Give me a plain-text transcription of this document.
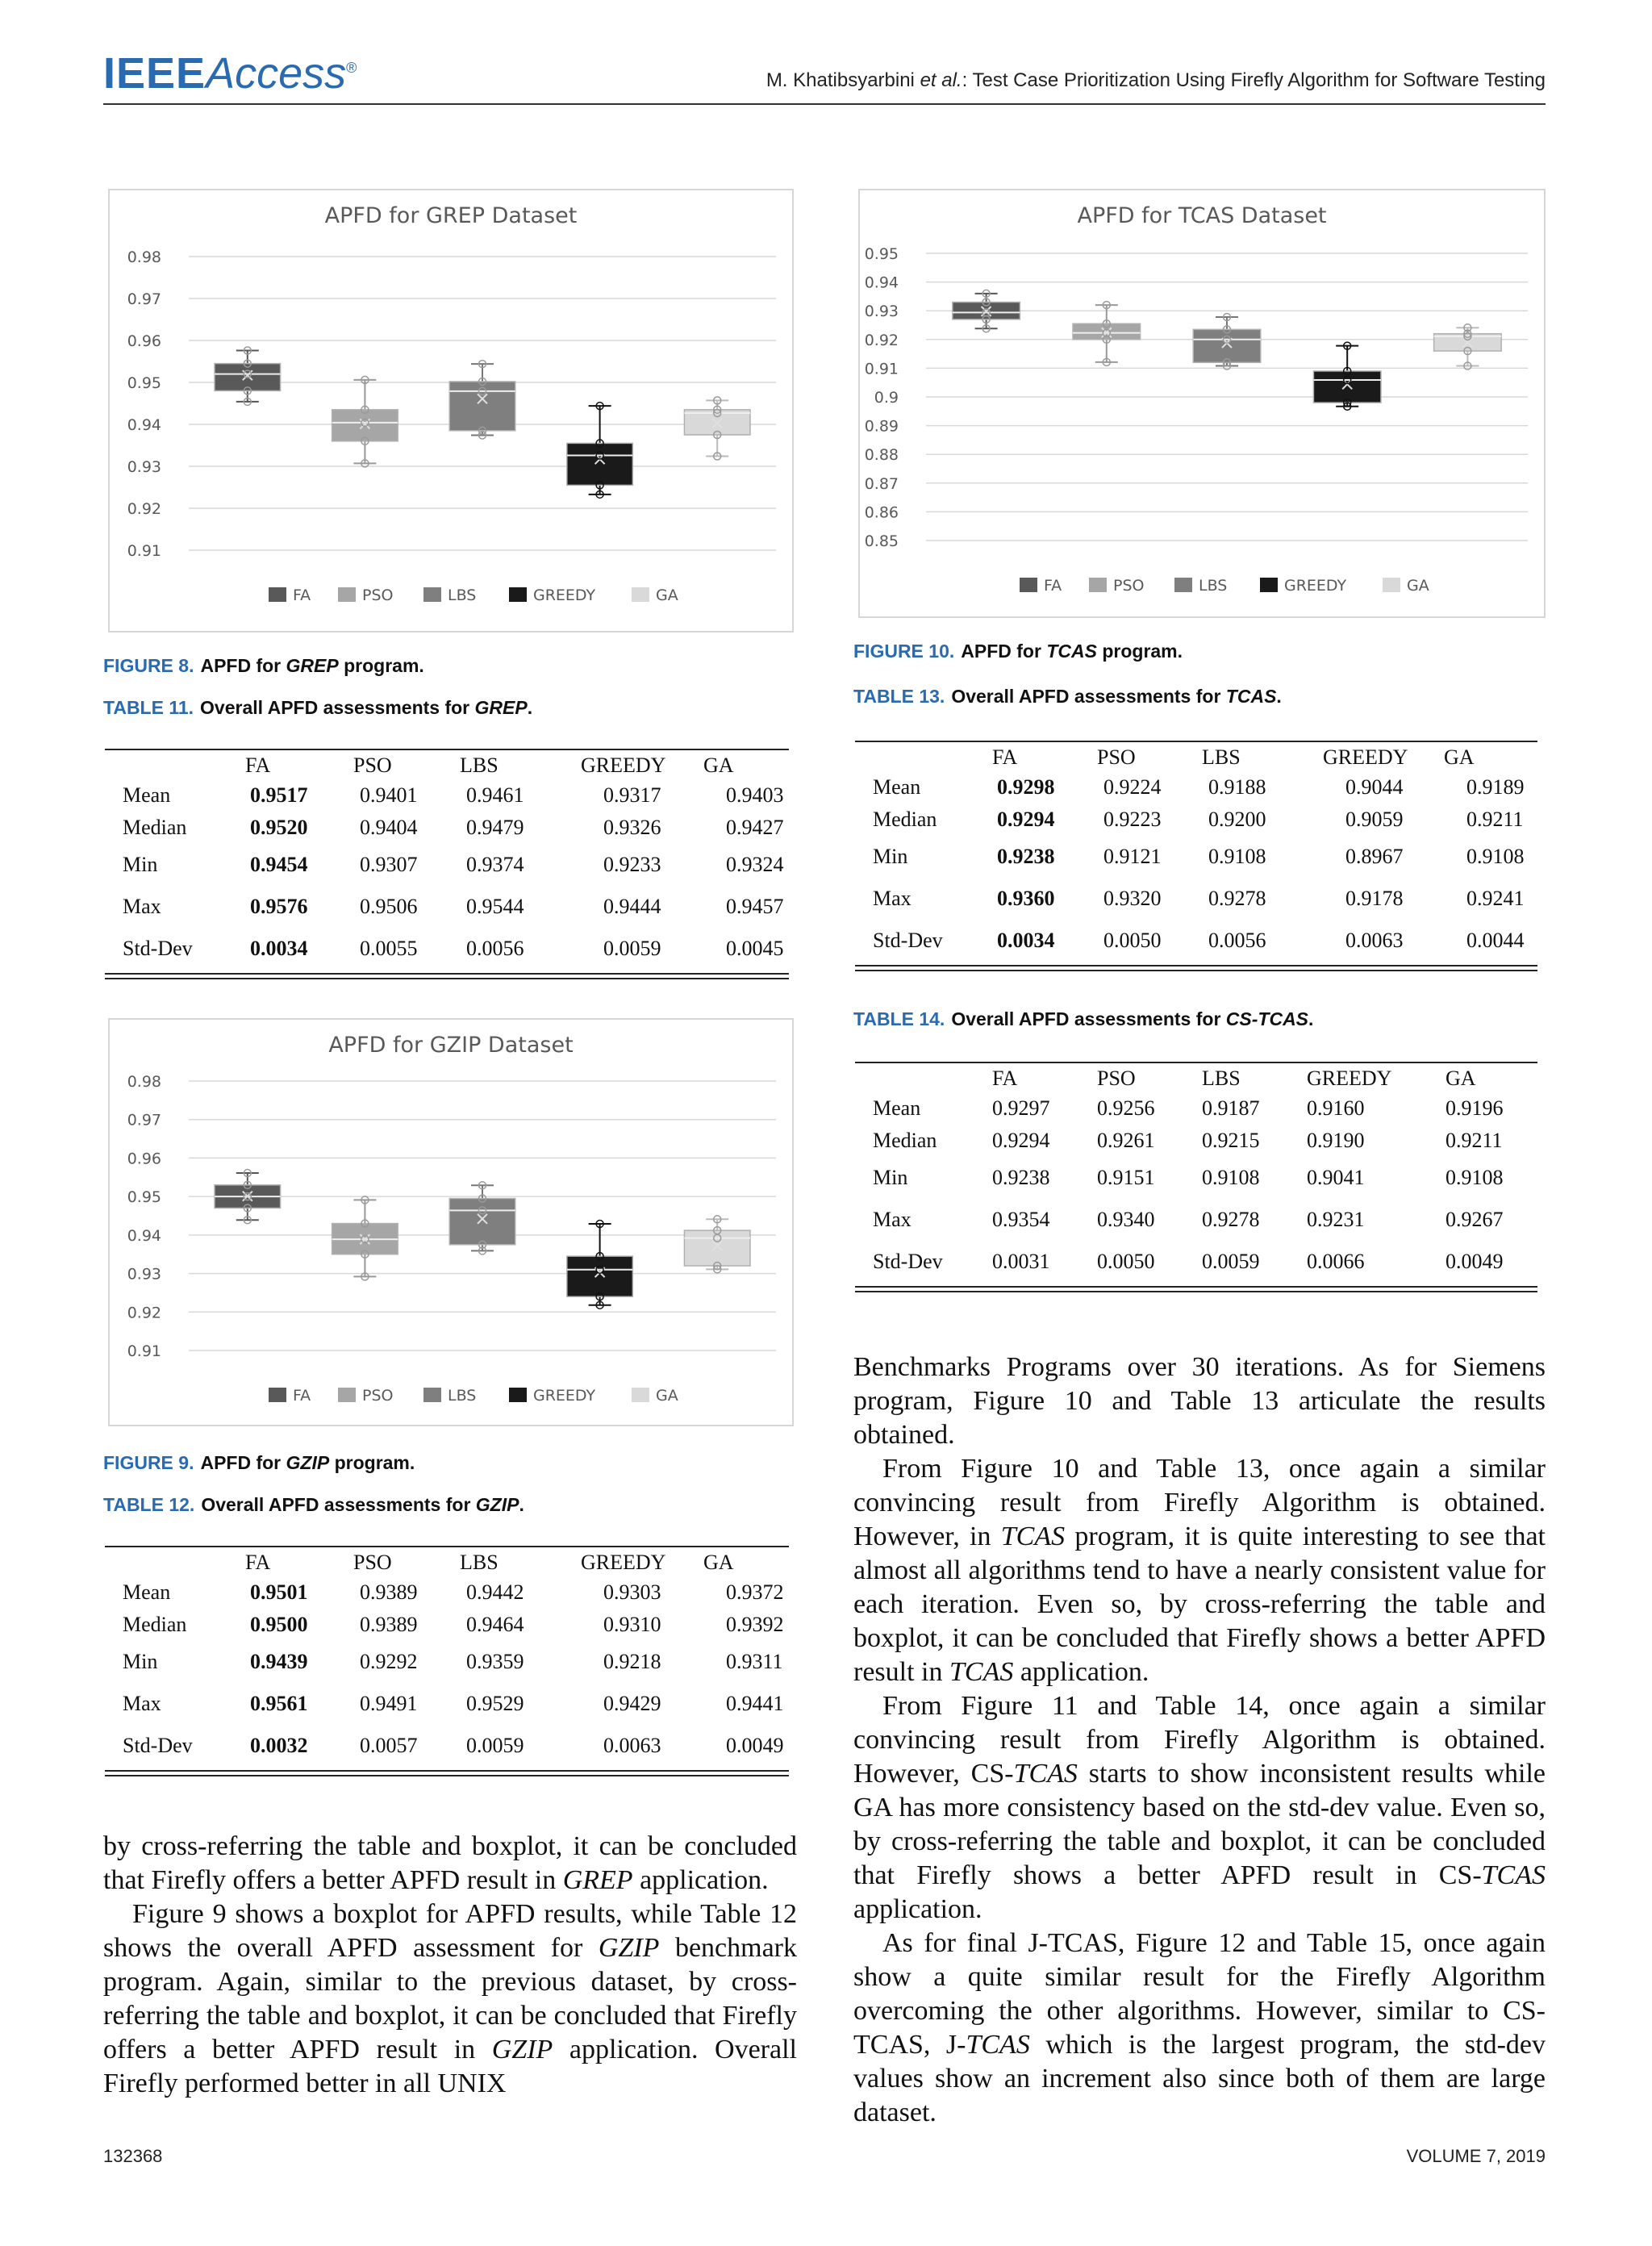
IEEEAccess®
M. Khatibsyarbini et al.: Test Case Prioritization Using Firefly Algorithm for Software Testing
APFD for GREP Dataset
0.98
0.97
0.96
0.95
0.94
0.93
0.92
0.91
FA	PSO	LBS	GREEDY	GA
FIGURE 8. APFD for GREP program.
TABLE 11. Overall APFD assessments for GREP.
	FA	PSO	LBS	GREEDY	GA
Mean	0.9517	0.9401	0.9461	0.9317	0.9403
Median	0.9520	0.9404	0.9479	0.9326	0.9427
Min	0.9454	0.9307	0.9374	0.9233	0.9324
Max	0.9576	0.9506	0.9544	0.9444	0.9457
Std-Dev	0.0034	0.0055	0.0056	0.0059	0.0045
APFD for GZIP Dataset
0.98
0.97
0.96
0.95
0.94
0.93
0.92
0.91
FA	PSO	LBS	GREEDY	GA
FIGURE 9. APFD for GZIP program.
TABLE 12. Overall APFD assessments for GZIP.
	FA	PSO	LBS	GREEDY	GA
Mean	0.9501	0.9389	0.9442	0.9303	0.9372
Median	0.9500	0.9389	0.9464	0.9310	0.9392
Min	0.9439	0.9292	0.9359	0.9218	0.9311
Max	0.9561	0.9491	0.9529	0.9429	0.9441
Std-Dev	0.0032	0.0057	0.0059	0.0063	0.0049

by cross-referring the table and boxplot, it can be concluded that Firefly offers a better APFD result in GREP application.

Figure 9 shows a boxplot for APFD results, while Table 12 shows the overall APFD assessment for GZIP benchmark program. Again, similar to the previous dataset, by cross-referring the table and boxplot, it can be concluded that Firefly offers a better APFD result in GZIP application. Overall Firefly performed better in all UNIX

APFD for TCAS Dataset
0.95
0.94
0.93
0.92
0.91
0.9
0.89
0.88
0.87
0.86
0.85
FA	PSO	LBS	GREEDY	GA
FIGURE 10. APFD for TCAS program.
TABLE 13. Overall APFD assessments for TCAS.
	FA	PSO	LBS	GREEDY	GA
Mean	0.9298	0.9224	0.9188	0.9044	0.9189
Median	0.9294	0.9223	0.9200	0.9059	0.9211
Min	0.9238	0.9121	0.9108	0.8967	0.9108
Max	0.9360	0.9320	0.9278	0.9178	0.9241
Std-Dev	0.0034	0.0050	0.0056	0.0063	0.0044
TABLE 14. Overall APFD assessments for CS-TCAS.
	FA	PSO	LBS	GREEDY	GA
Mean	0.9297	0.9256	0.9187	0.9160	0.9196
Median	0.9294	0.9261	0.9215	0.9190	0.9211
Min	0.9238	0.9151	0.9108	0.9041	0.9108
Max	0.9354	0.9340	0.9278	0.9231	0.9267
Std-Dev	0.0031	0.0050	0.0059	0.0066	0.0049

Benchmarks Programs over 30 iterations. As for Siemens program, Figure 10 and Table 13 articulate the results obtained.

From Figure 10 and Table 13, once again a similar convincing result from Firefly Algorithm is obtained. However, in TCAS program, it is quite interesting to see that almost all algorithms tend to have a nearly consistent value for each iteration. Even so, by cross-referring the table and boxplot, it can be concluded that Firefly shows a better APFD result in TCAS application.

From Figure 11 and Table 14, once again a similar convincing result from Firefly Algorithm is obtained. However, CS-TCAS starts to show inconsistent results while GA has more consistency based on the std-dev value. Even so, by cross-referring the table and boxplot, it can be concluded that Firefly shows a better APFD result in CS-TCAS application.

As for final J-TCAS, Figure 12 and Table 15, once again show a quite similar result for the Firefly Algorithm overcoming the other algorithms. However, similar to CS-TCAS, J-TCAS which is the largest program, the std-dev values show an increment also since both of them are large dataset.

132368	VOLUME 7, 2019
